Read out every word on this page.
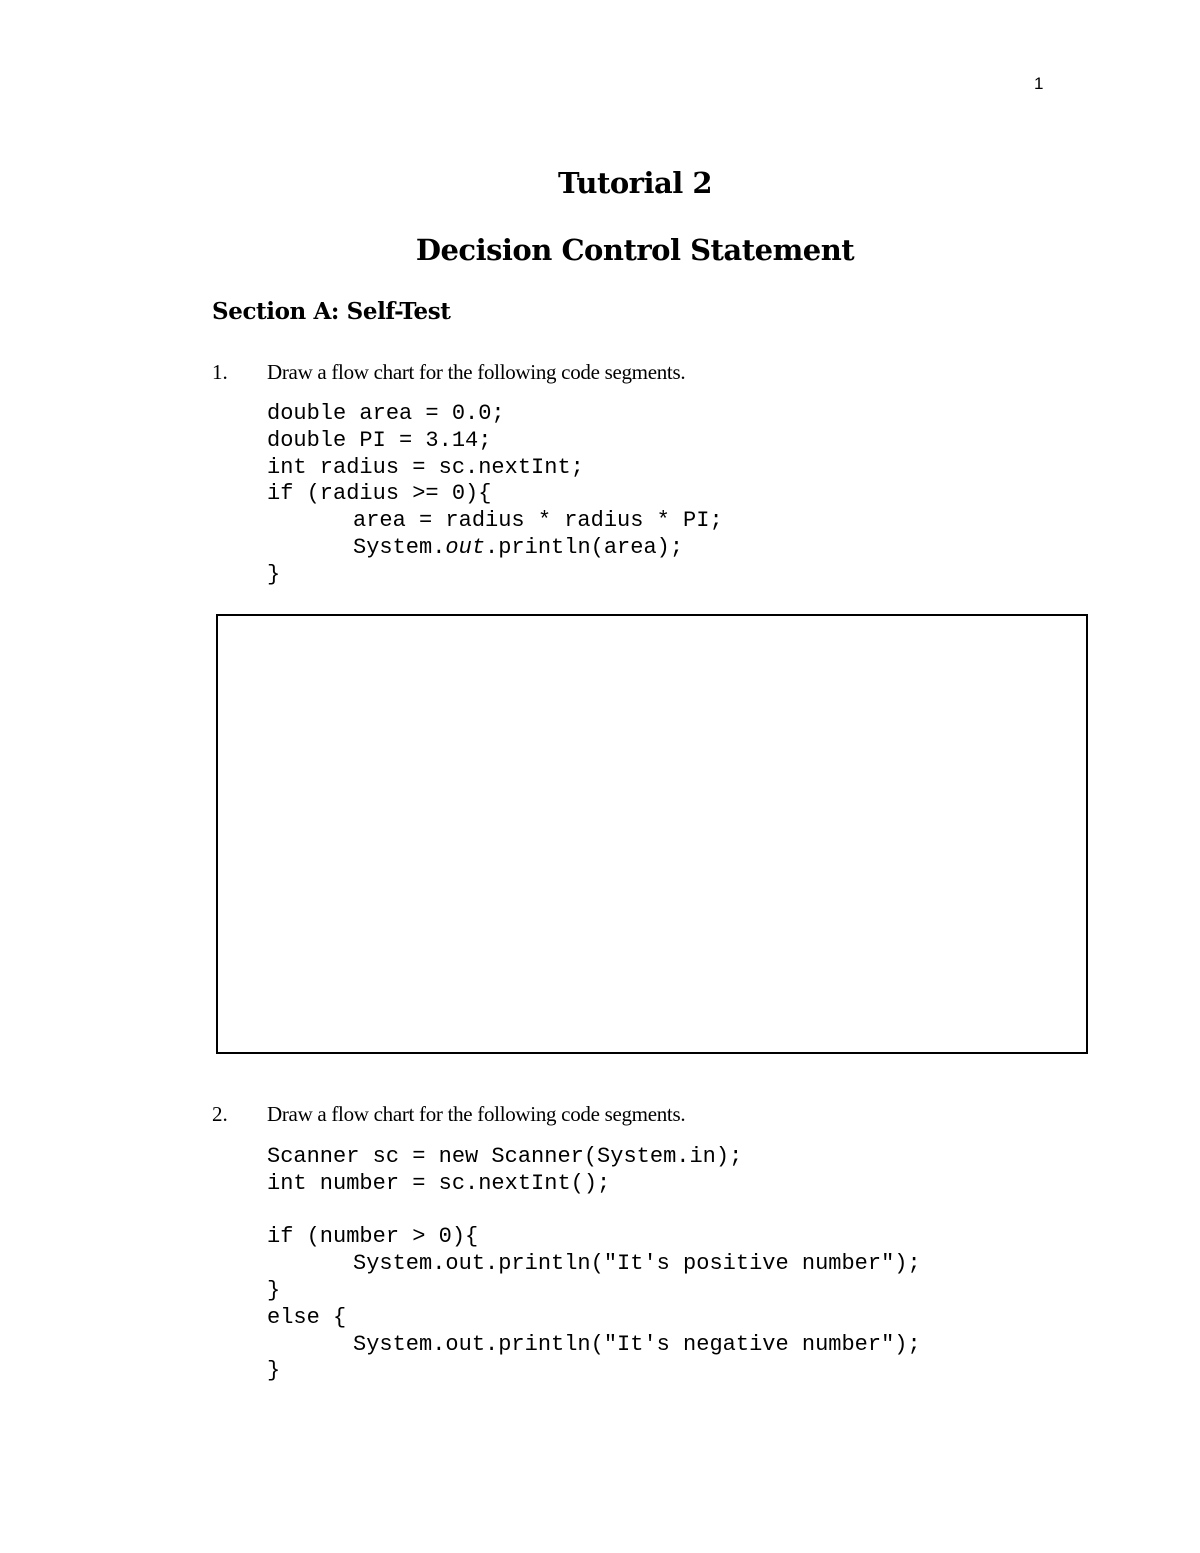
1
Tutorial 2
Decision Control Statement
Section A: Self-Test
1. Draw a flow chart for the following code segments.
double area = 0.0;
double PI = 3.14;
int radius = sc.nextInt;
if (radius >= 0){
area = radius * radius * PI;
System.out.println(area);
}
2. Draw a flow chart for the following code segments.
Scanner sc = new Scanner(System.in);
int number = sc.nextInt();
if (number > 0){
System.out.println("It's positive number");
}
else {
System.out.println("It's negative number");
}
